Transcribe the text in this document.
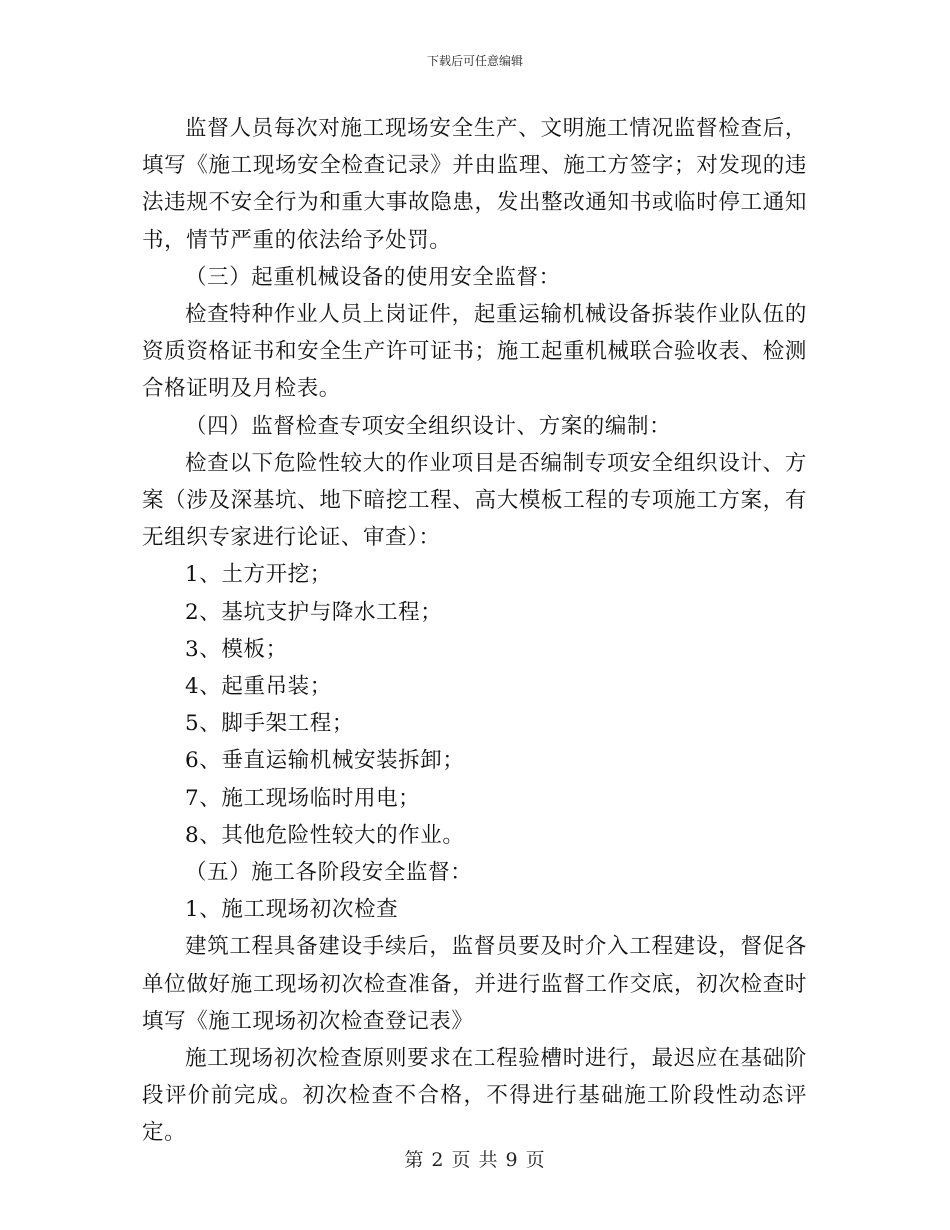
下载后可任意编辑

监督人员每次对施工现场安全生产、文明施工情况监督检查后，填写《施工现场安全检查记录》并由监理、施工方签字；对发现的违法违规不安全行为和重大事故隐患，发出整改通知书或临时停工通知书，情节严重的依法给予处罚。

（三）起重机械设备的使用安全监督：

检查特种作业人员上岗证件，起重运输机械设备拆装作业队伍的资质资格证书和安全生产许可证书；施工起重机械联合验收表、检测合格证明及月检表。

（四）监督检查专项安全组织设计、方案的编制：

检查以下危险性较大的作业项目是否编制专项安全组织设计、方案（涉及深基坑、地下暗挖工程、高大模板工程的专项施工方案，有无组织专家进行论证、审查）：

1、土方开挖；

2、基坑支护与降水工程；

3、模板；

4、起重吊装；

5、脚手架工程；

6、垂直运输机械安装拆卸；

7、施工现场临时用电；

8、其他危险性较大的作业。

（五）施工各阶段安全监督：

1、施工现场初次检查

建筑工程具备建设手续后，监督员要及时介入工程建设，督促各单位做好施工现场初次检查准备，并进行监督工作交底，初次检查时填写《施工现场初次检查登记表》

施工现场初次检查原则要求在工程验槽时进行，最迟应在基础阶段评价前完成。初次检查不合格，不得进行基础施工阶段性动态评定。

第 2 页 共 9 页
